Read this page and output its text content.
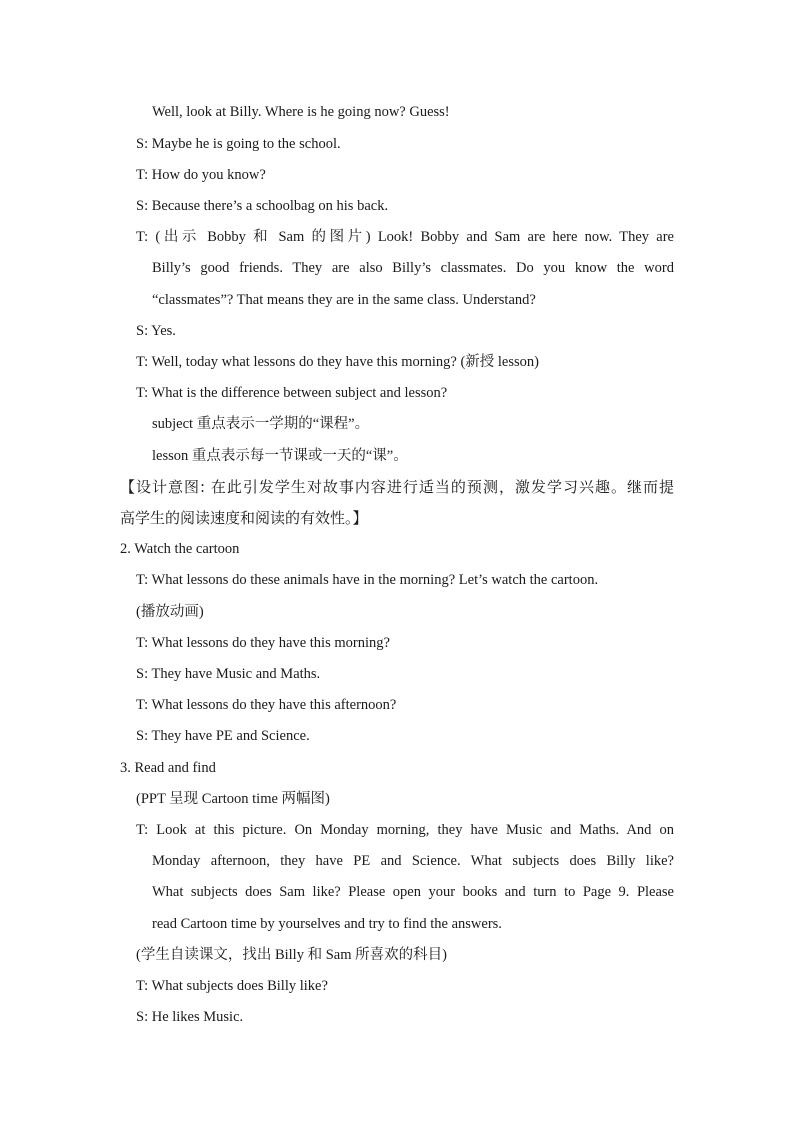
Well, look at Billy. Where is he going now? Guess!
S: Maybe he is going to the school.
T: How do you know?
S: Because there’s a schoolbag on his back.
T: (出示 Bobby 和 Sam 的图片) Look! Bobby and Sam are here now. They are
Billy’s good friends. They are also Billy’s classmates. Do you know the word
“classmates”? That means they are in the same class. Understand?
S: Yes.
T: Well, today what lessons do they have this morning? (新授 lesson)
T: What is the difference between subject and lesson?
subject 重点表示一学期的“课程”。
lesson 重点表示每一节课或一天的“课”。
【设计意图: 在此引发学生对故事内容进行适当的预测，激发学习兴趣。继而提
高学生的阅读速度和阅读的有效性。】
2. Watch the cartoon
T: What lessons do these animals have in the morning? Let’s watch the cartoon.
(播放动画)
T: What lessons do they have this morning?
S: They have Music and Maths.
T: What lessons do they have this afternoon?
S: They have PE and Science.
3. Read and find
(PPT 呈现 Cartoon time 两幅图)
T: Look at this picture. On Monday morning, they have Music and Maths. And on
Monday afternoon, they have PE and Science. What subjects does Billy like?
What subjects does Sam like? Please open your books and turn to Page 9. Please
read Cartoon time by yourselves and try to find the answers.
(学生自读课文，找出 Billy 和 Sam 所喜欢的科目)
T: What subjects does Billy like?
S: He likes Music.
